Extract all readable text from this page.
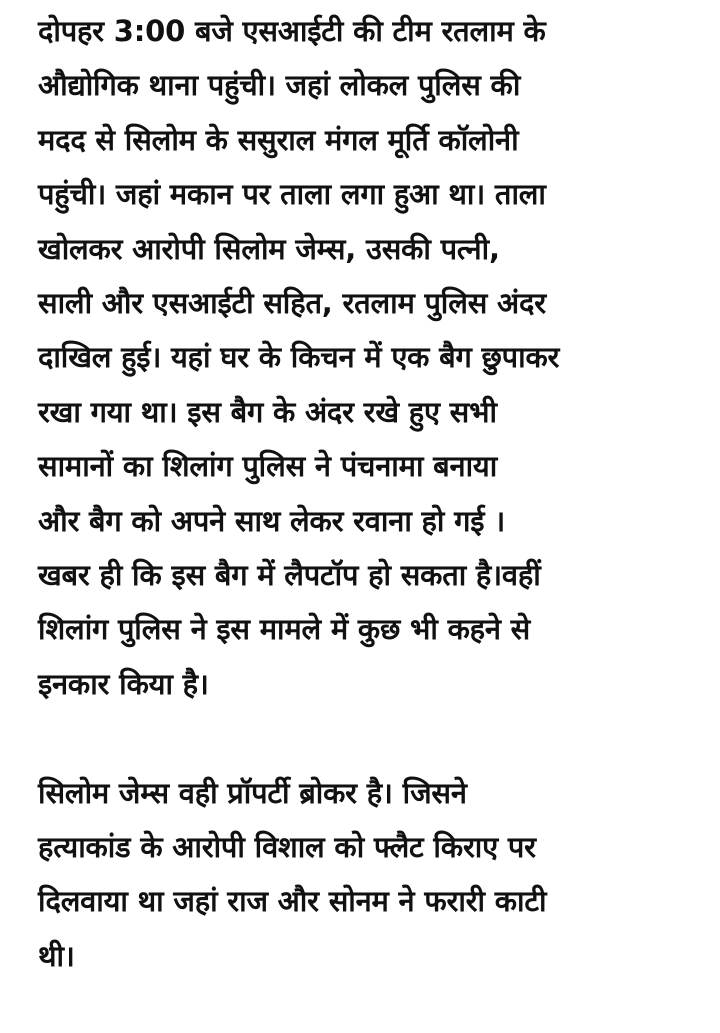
दोपहर 3:00 बजे एसआईटी की टीम रतलाम के
औद्योगिक थाना पहुंची। जहां लोकल पुलिस की
मदद से सिलोम के ससुराल मंगल मूर्ति कॉलोनी
पहुंची। जहां मकान पर ताला लगा हुआ था। ताला
खोलकर आरोपी सिलोम जेम्स, उसकी पत्नी,
साली और एसआईटी सहित, रतलाम पुलिस अंदर
दाखिल हुई। यहां घर के किचन में एक बैग छुपाकर
रखा गया था। इस बैग के अंदर रखे हुए सभी
सामानों का शिलांग पुलिस ने पंचनामा बनाया
और बैग को अपने साथ लेकर रवाना हो गई ।
खबर ही कि इस बैग में लैपटॉप हो सकता है।वहीं
शिलांग पुलिस ने इस मामले में कुछ भी कहने से
इनकार किया है।

सिलोम जेम्स वही प्रॉपर्टी ब्रोकर है। जिसने
हत्याकांड के आरोपी विशाल को फ्लैट किराए पर
दिलवाया था जहां राज और सोनम ने फरारी काटी
थी।
